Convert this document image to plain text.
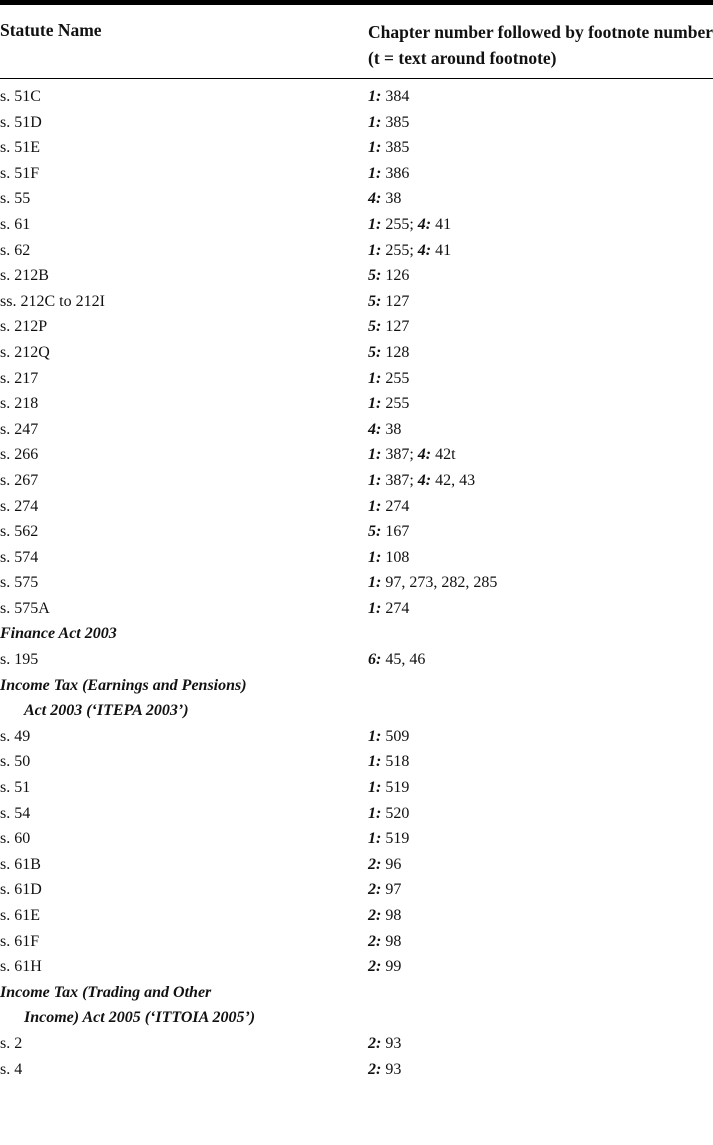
Statute Name	Chapter number followed by footnote number (t = text around footnote)
s. 51C	1: 384
s. 51D	1: 385
s. 51E	1: 385
s. 51F	1: 386
s. 55	4: 38
s. 61	1: 255; 4: 41
s. 62	1: 255; 4: 41
s. 212B	5: 126
ss. 212C to 212I	5: 127
s. 212P	5: 127
s. 212Q	5: 128
s. 217	1: 255
s. 218	1: 255
s. 247	4: 38
s. 266	1: 387; 4: 42t
s. 267	1: 387; 4: 42, 43
s. 274	1: 274
s. 562	5: 167
s. 574	1: 108
s. 575	1: 97, 273, 282, 285
s. 575A	1: 274
Finance Act 2003
s. 195	6: 45, 46
Income Tax (Earnings and Pensions)
Act 2003 (‘ITEPA 2003’)
s. 49	1: 509
s. 50	1: 518
s. 51	1: 519
s. 54	1: 520
s. 60	1: 519
s. 61B	2: 96
s. 61D	2: 97
s. 61E	2: 98
s. 61F	2: 98
s. 61H	2: 99
Income Tax (Trading and Other
Income) Act 2005 (‘ITTOIA 2005’)
s. 2	2: 93
s. 4	2: 93
